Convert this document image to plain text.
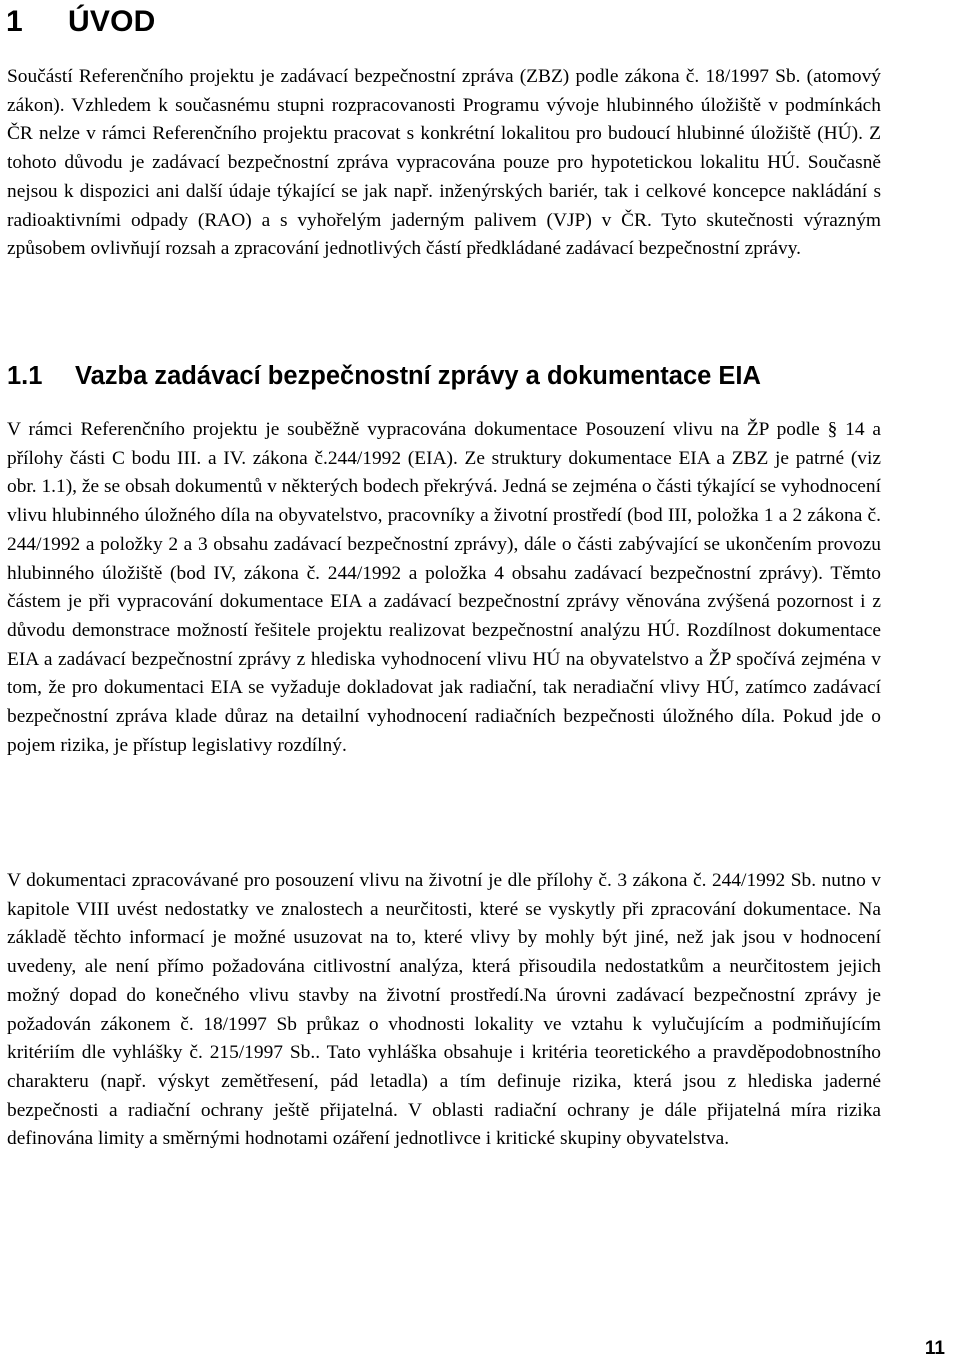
1 ÚVOD

Součástí Referenčního projektu je zadávací bezpečnostní zpráva (ZBZ) podle zákona č. 18/1997 Sb. (atomový zákon). Vzhledem k současnému stupni rozpracovanosti Programu vývoje hlubinného úložiště v podmínkách ČR nelze v rámci Referenčního projektu pracovat s konkrétní lokalitou pro budoucí hlubinné úložiště (HÚ). Z tohoto důvodu je zadávací bezpečnostní zpráva vypracována pouze pro hypotetickou lokalitu HÚ. Současně nejsou k dispozici ani další údaje týkající se jak např. inženýrských bariér, tak i celkové koncepce nakládání s radioaktivními odpady (RAO) a s vyhořelým jaderným palivem (VJP) v ČR. Tyto skutečnosti výrazným způsobem ovlivňují rozsah a zpracování jednotlivých částí předkládané zadávací bezpečnostní zprávy.

1.1 Vazba zadávací bezpečnostní zprávy a dokumentace EIA

V rámci Referenčního projektu je souběžně vypracována dokumentace Posouzení vlivu na ŽP podle § 14 a přílohy části C bodu III. a IV. zákona č.244/1992 (EIA). Ze struktury dokumentace EIA a ZBZ je patrné (viz obr. 1.1), že se obsah dokumentů v některých bodech překrývá. Jedná se zejména o části týkající se vyhodnocení vlivu hlubinného úložného díla na obyvatelstvo, pracovníky a životní prostředí (bod III, položka 1 a 2 zákona č. 244/1992 a položky 2 a 3 obsahu zadávací bezpečnostní zprávy), dále o části zabývající se ukončením provozu hlubinného úložiště (bod IV, zákona č. 244/1992 a položka 4 obsahu zadávací bezpečnostní zprávy). Těmto částem je při vypracování dokumentace EIA a zadávací bezpečnostní zprávy věnována zvýšená pozornost i z důvodu demonstrace možností řešitele projektu realizovat bezpečnostní analýzu HÚ. Rozdílnost dokumentace EIA a zadávací bezpečnostní zprávy z hlediska vyhodnocení vlivu HÚ na obyvatelstvo a ŽP spočívá zejména v tom, že pro dokumentaci EIA se vyžaduje dokladovat jak radiační, tak neradiační vlivy HÚ, zatímco zadávací bezpečnostní zpráva klade důraz na detailní vyhodnocení radiačních bezpečnosti úložného díla. Pokud jde o pojem rizika, je přístup legislativy rozdílný.

V dokumentaci zpracovávané pro posouzení vlivu na životní je dle přílohy č. 3 zákona č. 244/1992 Sb. nutno v kapitole VIII uvést nedostatky ve znalostech a neurčitosti, které se vyskytly při zpracování dokumentace. Na základě těchto informací je možné usuzovat na to, které vlivy by mohly být jiné, než jak jsou v hodnocení uvedeny, ale není přímo požadována citlivostní analýza, která přisoudila nedostatkům a neurčitostem jejich možný dopad do konečného vlivu stavby na životní prostředí.Na úrovni zadávací bezpečnostní zprávy je požadován zákonem č. 18/1997 Sb průkaz o vhodnosti lokality ve vztahu k vylučujícím a podmiňujícím kritériím dle vyhlášky č. 215/1997 Sb.. Tato vyhláška obsahuje i kritéria teoretického a pravděpodobnostního charakteru (např. výskyt zemětřesení, pád letadla) a tím definuje rizika, která jsou z hlediska jaderné bezpečnosti a radiační ochrany ještě přijatelná. V oblasti radiační ochrany je dále přijatelná míra rizika definována limity a směrnými hodnotami ozáření jednotlivce i kritické skupiny obyvatelstva.

11
